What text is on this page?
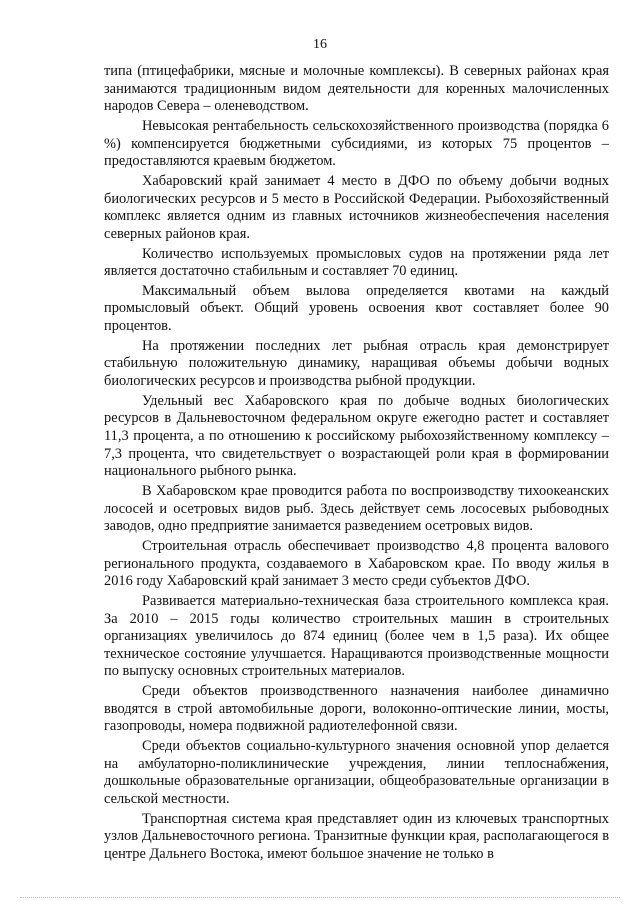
16

типа (птицефабрики, мясные и молочные комплексы). В северных районах края занимаются традиционным видом деятельности для коренных малочисленных народов Севера – оленеводством.

Невысокая рентабельность сельскохозяйственного производства (порядка 6 %) компенсируется бюджетными субсидиями, из которых 75 процентов – предоставляются краевым бюджетом.

Хабаровский край занимает 4 место в ДФО по объему добычи водных биологических ресурсов и 5 место в Российской Федерации. Рыбохозяйственный комплекс является одним из главных источников жизнеобеспечения населения северных районов края.

Количество используемых промысловых судов на протяжении ряда лет является достаточно стабильным и составляет 70 единиц.

Максимальный объем вылова определяется квотами на каждый промысловый объект. Общий уровень освоения квот составляет более 90 процентов.

На протяжении последних лет рыбная отрасль края демонстрирует стабильную положительную динамику, наращивая объемы добычи водных биологических ресурсов и производства рыбной продукции.

Удельный вес Хабаровского края по добыче водных биологических ресурсов в Дальневосточном федеральном округе ежегодно растет и составляет 11,3 процента, а по отношению к российскому рыбохозяйственному комплексу – 7,3 процента, что свидетельствует о возрастающей роли края в формировании национального рыбного рынка.

В Хабаровском крае проводится работа по воспроизводству тихоокеанских лососей и осетровых видов рыб. Здесь действует семь лососевых рыбоводных заводов, одно предприятие занимается разведением осетровых видов.

Строительная отрасль обеспечивает производство 4,8 процента валового регионального продукта, создаваемого в Хабаровском крае. По вводу жилья в 2016 году Хабаровский край занимает 3 место среди субъектов ДФО.

Развивается материально-техническая база строительного комплекса края. За 2010 – 2015 годы количество строительных машин в строительных организациях увеличилось до 874 единиц (более чем в 1,5 раза). Их общее техническое состояние улучшается. Наращиваются производственные мощности по выпуску основных строительных материалов.

Среди объектов производственного назначения наиболее динамично вводятся в строй автомобильные дороги, волоконно-оптические линии, мосты, газопроводы, номера подвижной радиотелефонной связи.

Среди объектов социально-культурного значения основной упор делается на амбулаторно-поликлинические учреждения, линии теплоснабжения, дошкольные образовательные организации, общеобразовательные организации в сельской местности.

Транспортная система края представляет один из ключевых транспортных узлов Дальневосточного региона. Транзитные функции края, располагающегося в центре Дальнего Востока, имеют большое значение не только в
